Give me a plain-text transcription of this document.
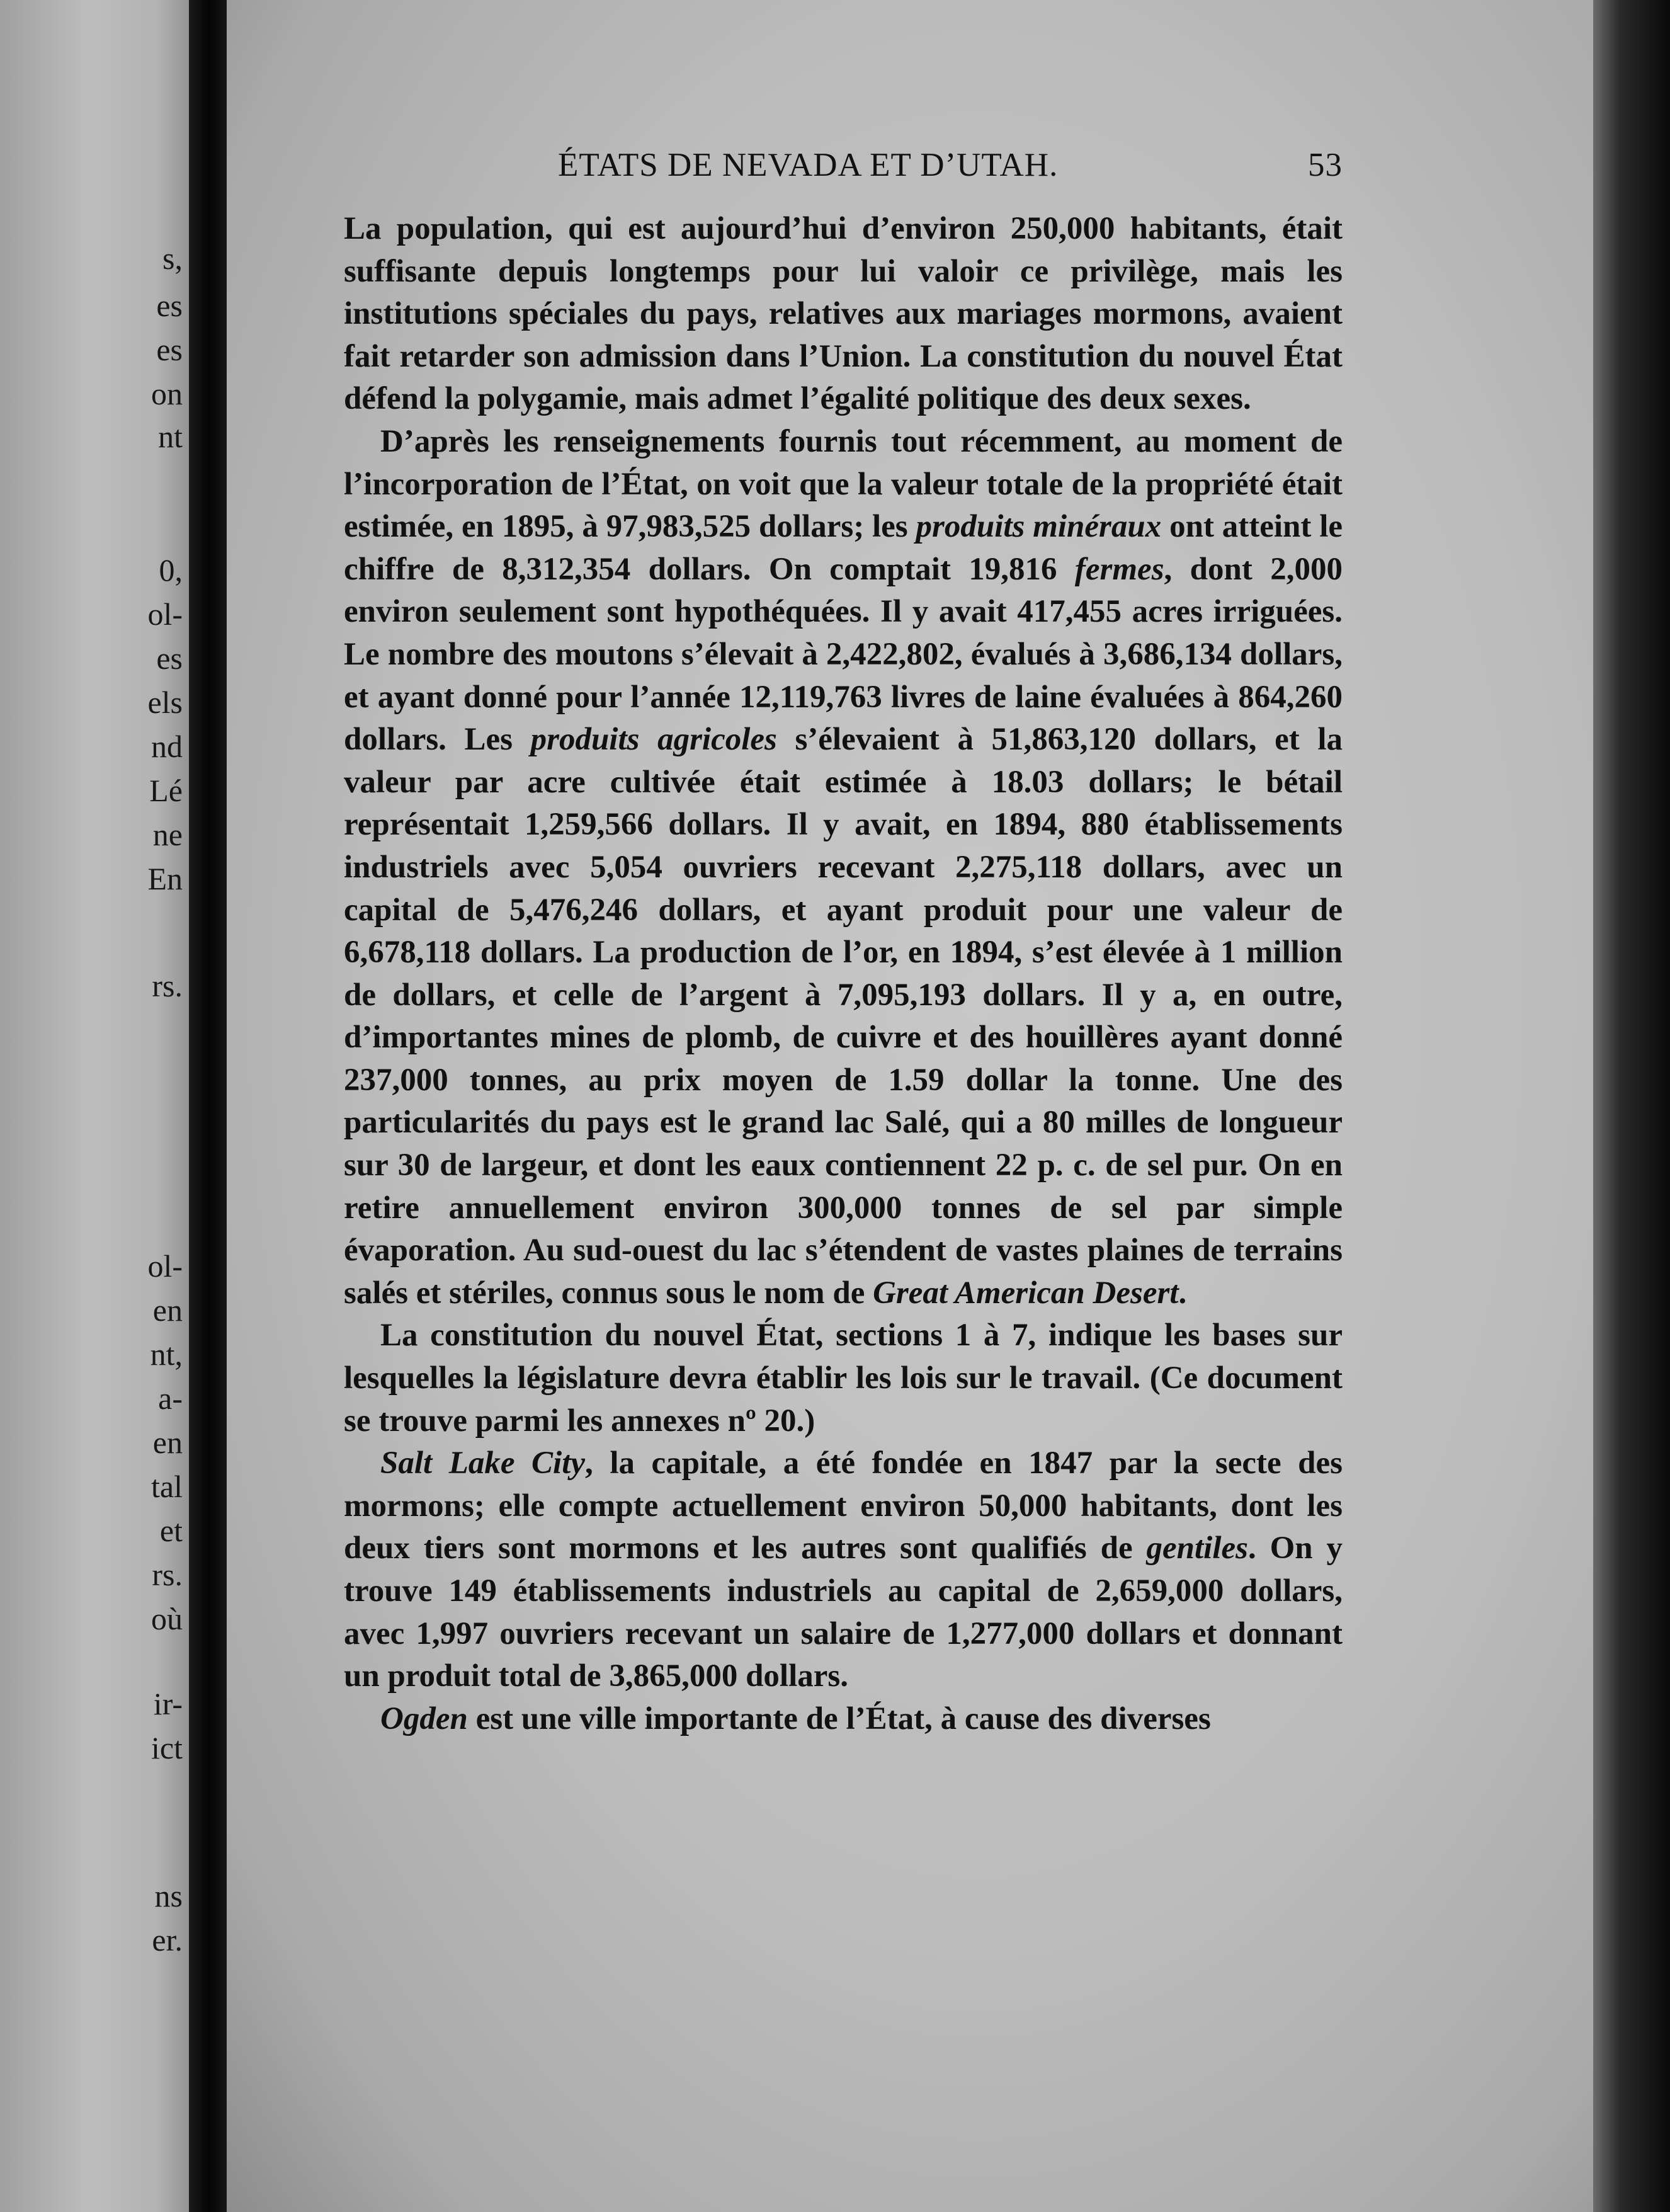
s,
es
es
on
nt
0,
ol-
es
els
nd
Lé
ne
En
rs.
ol-
en
nt,
a-
en
tal
et
rs.
où
ir-
ict
ns
er.
ÉTATS DE NEVADA ET D’UTAH.	53

La population, qui est aujourd’hui d’environ 250,000 habitants, était suffisante depuis longtemps pour lui valoir ce privilège, mais les institutions spéciales du pays, relatives aux mariages mormons, avaient fait retarder son admission dans l’Union. La constitution du nouvel État défend la polygamie, mais admet l’égalité politique des deux sexes.

D’après les renseignements fournis tout récemment, au moment de l’incorporation de l’État, on voit que la valeur totale de la propriété était estimée, en 1895, à 97,983,525 dollars; les produits minéraux ont atteint le chiffre de 8,312,354 dollars. On comptait 19,816 fermes, dont 2,000 environ seulement sont hypothéquées. Il y avait 417,455 acres irriguées. Le nombre des moutons s’élevait à 2,422,802, évalués à 3,686,134 dollars, et ayant donné pour l’année 12,119,763 livres de laine évaluées à 864,260 dollars. Les produits agricoles s’élevaient à 51,863,120 dollars, et la valeur par acre cultivée était estimée à 18.03 dollars; le bétail représentait 1,259,566 dollars. Il y avait, en 1894, 880 établissements industriels avec 5,054 ouvriers recevant 2,275,118 dollars, avec un capital de 5,476,246 dollars, et ayant produit pour une valeur de 6,678,118 dollars. La production de l’or, en 1894, s’est élevée à 1 million de dollars, et celle de l’argent à 7,095,193 dollars. Il y a, en outre, d’importantes mines de plomb, de cuivre et des houillères ayant donné 237,000 tonnes, au prix moyen de 1.59 dollar la tonne. Une des particularités du pays est le grand lac Salé, qui a 80 milles de longueur sur 30 de largeur, et dont les eaux contiennent 22 p. c. de sel pur. On en retire annuellement environ 300,000 tonnes de sel par simple évaporation. Au sud-ouest du lac s’étendent de vastes plaines de terrains salés et stériles, connus sous le nom de Great American Desert.

La constitution du nouvel État, sections 1 à 7, indique les bases sur lesquelles la législature devra établir les lois sur le travail. (Ce document se trouve parmi les annexes nº 20.)

Salt Lake City, la capitale, a été fondée en 1847 par la secte des mormons; elle compte actuellement environ 50,000 habitants, dont les deux tiers sont mormons et les autres sont qualifiés de gentiles. On y trouve 149 établissements industriels au capital de 2,659,000 dollars, avec 1,997 ouvriers recevant un salaire de 1,277,000 dollars et donnant un produit total de 3,865,000 dollars.

Ogden est une ville importante de l’État, à cause des diverses
